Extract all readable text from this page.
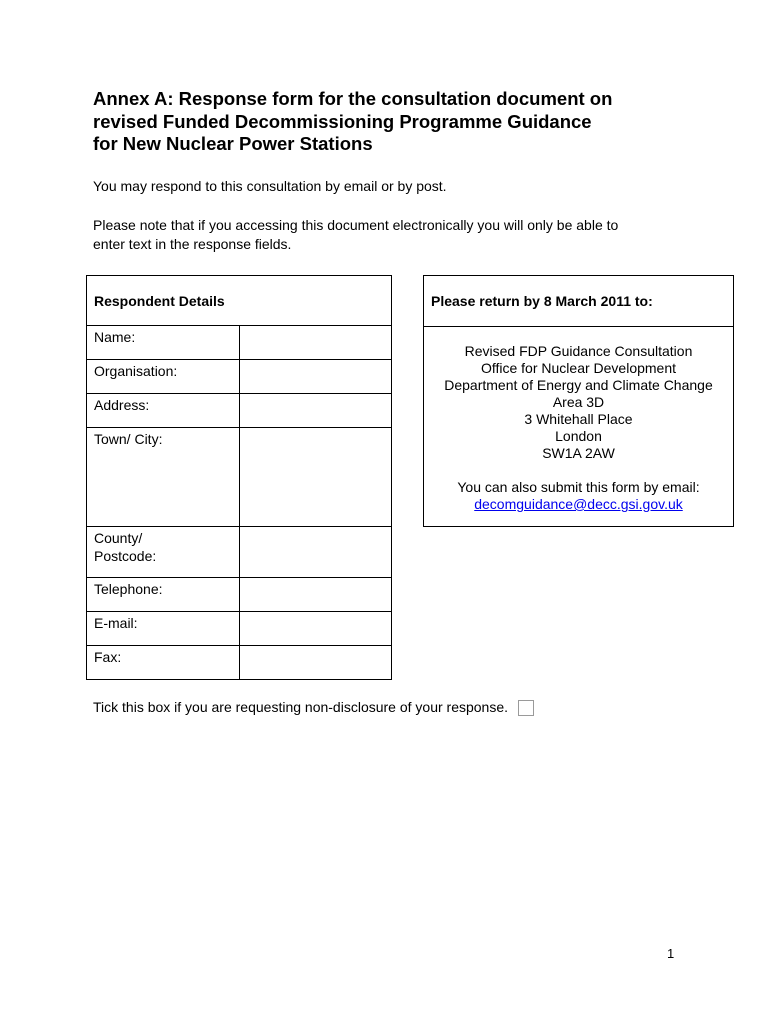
Annex A: Response form for the consultation document on
revised Funded Decommissioning Programme Guidance
for New Nuclear Power Stations
You may respond to this consultation by email or by post.
Please note that if you accessing this document electronically you will only be able to
enter text in the response fields.
Respondent Details	
Name:	

Organisation:	

Address:	

Town/ City:	

County/
Postcode:	

Telephone:	

E-mail:	

Fax:	
Please return by 8 March 2011 to:
Revised FDP Guidance Consultation
Office for Nuclear Development
Department of Energy and Climate Change
Area 3D
3 Whitehall Place
London
SW1A 2AW
You can also submit this form by email:
decomguidance@decc.gsi.gov.uk
Tick this box if you are requesting non-disclosure of your response.
1
